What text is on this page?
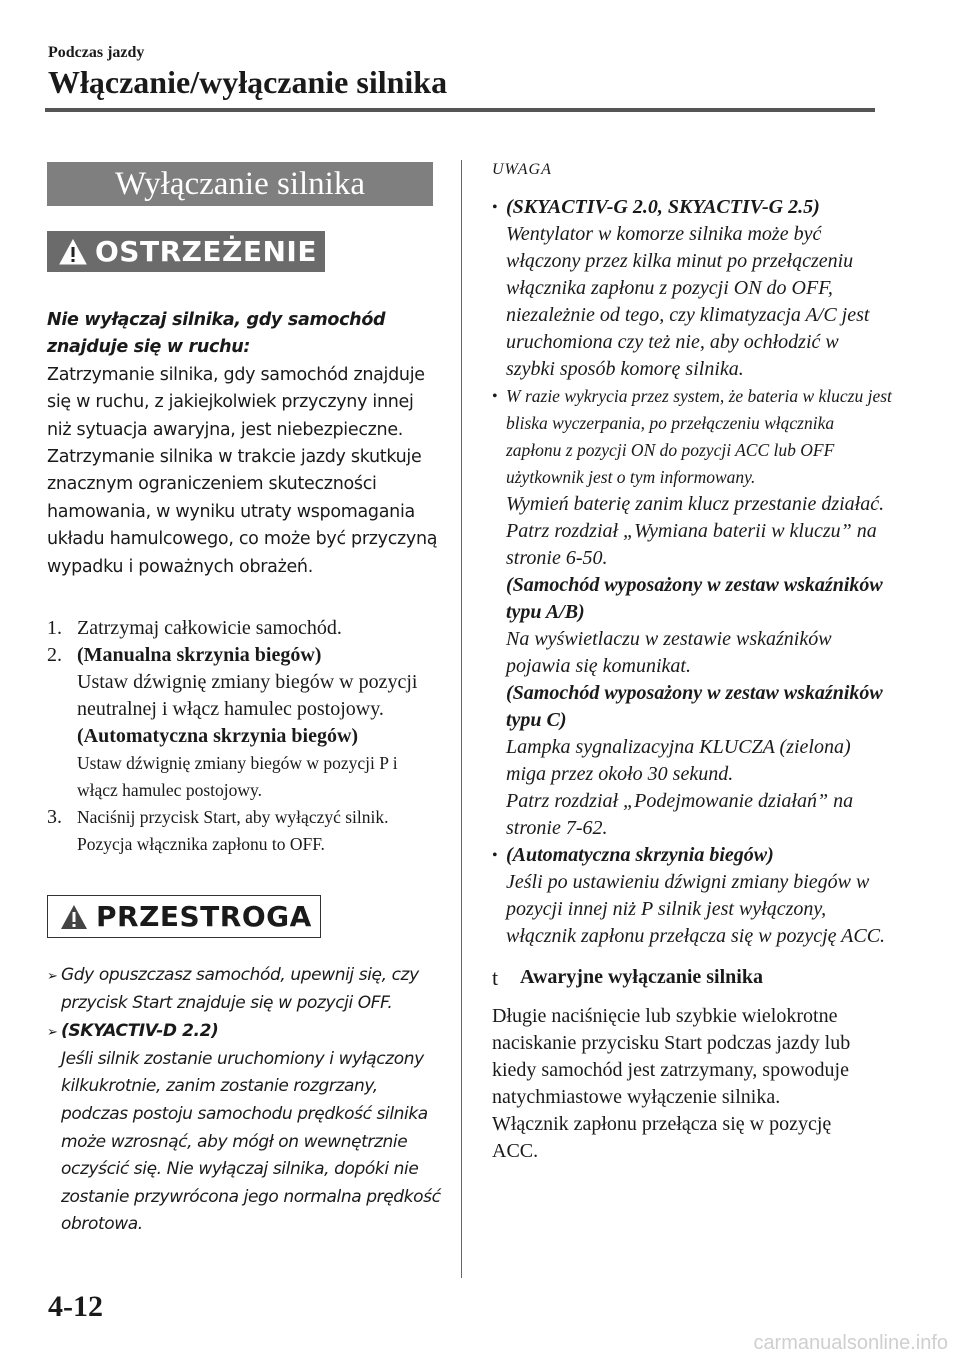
Podczas jazdy

Włączanie/wyłączanie silnika
Wyłączanie silnika
OSTRZEŻENIE

Nie wyłączaj silnika, gdy samochód znajduje się w ruchu:

Zatrzymanie silnika, gdy samochód znajduje się w ruchu, z jakiejkolwiek przyczyny innej niż sytuacja awaryjna, jest niebezpieczne. Zatrzymanie silnika w trakcie jazdy skutkuje znacznym ograniczeniem skuteczności hamowania, w wyniku utraty wspomagania układu hamulcowego, co może być przyczyną wypadku i poważnych obrażeń.

1. Zatrzymaj całkowicie samochód.
2. (Manualna skrzynia biegów)
Ustaw dźwignię zmiany biegów w pozycji neutralnej i włącz hamulec postojowy.
(Automatyczna skrzynia biegów)
Ustaw dźwignię zmiany biegów w pozycji P i włącz hamulec postojowy.
3. Naciśnij przycisk Start, aby wyłączyć silnik. Pozycja włącznika zapłonu to OFF.
PRZESTROGA
➢ Gdy opuszczasz samochód, upewnij się, czy przycisk Start znajduje się w pozycji OFF.
➢ (SKYACTIV-D 2.2)
Jeśli silnik zostanie uruchomiony i wyłączony kilkukrotnie, zanim zostanie rozgrzany, podczas postoju samochodu prędkość silnika może wzrosnąć, aby mógł on wewnętrznie oczyścić się. Nie wyłączaj silnika, dopóki nie zostanie przywrócona jego normalna prędkość obrotowa.

UWAGA

• (SKYACTIV-G 2.0, SKYACTIV-G 2.5)
Wentylator w komorze silnika może być włączony przez kilka minut po przełączeniu włącznika zapłonu z pozycji ON do OFF, niezależnie od tego, czy klimatyzacja A/C jest uruchomiona czy też nie, aby ochłodzić w szybki sposób komorę silnika.
• W razie wykrycia przez system, że bateria w kluczu jest bliska wyczerpania, po przełączeniu włącznika zapłonu z pozycji ON do pozycji ACC lub OFF użytkownik jest o tym informowany.
Wymień baterię zanim klucz przestanie działać.
Patrz rozdział „Wymiana baterii w kluczu” na stronie 6-50.
(Samochód wyposażony w zestaw wskaźników typu A/B)
Na wyświetlaczu w zestawie wskaźników pojawia się komunikat.
(Samochód wyposażony w zestaw wskaźników typu C)
Lampka sygnalizacyjna KLUCZA (zielona) miga przez około 30 sekund.
Patrz rozdział „Podejmowanie działań” na stronie 7-62.
• (Automatyczna skrzynia biegów)
Jeśli po ustawieniu dźwigni zmiany biegów w pozycji innej niż P silnik jest wyłączony, włącznik zapłonu przełącza się w pozycję ACC.
t	Awaryjne wyłączanie silnika

Długie naciśnięcie lub szybkie wielokrotne naciskanie przycisku Start podczas jazdy lub kiedy samochód jest zatrzymany, spowoduje natychmiastowe wyłączenie silnika. Włącznik zapłonu przełącza się w pozycję ACC.

4-12
carmanualsonline.info
